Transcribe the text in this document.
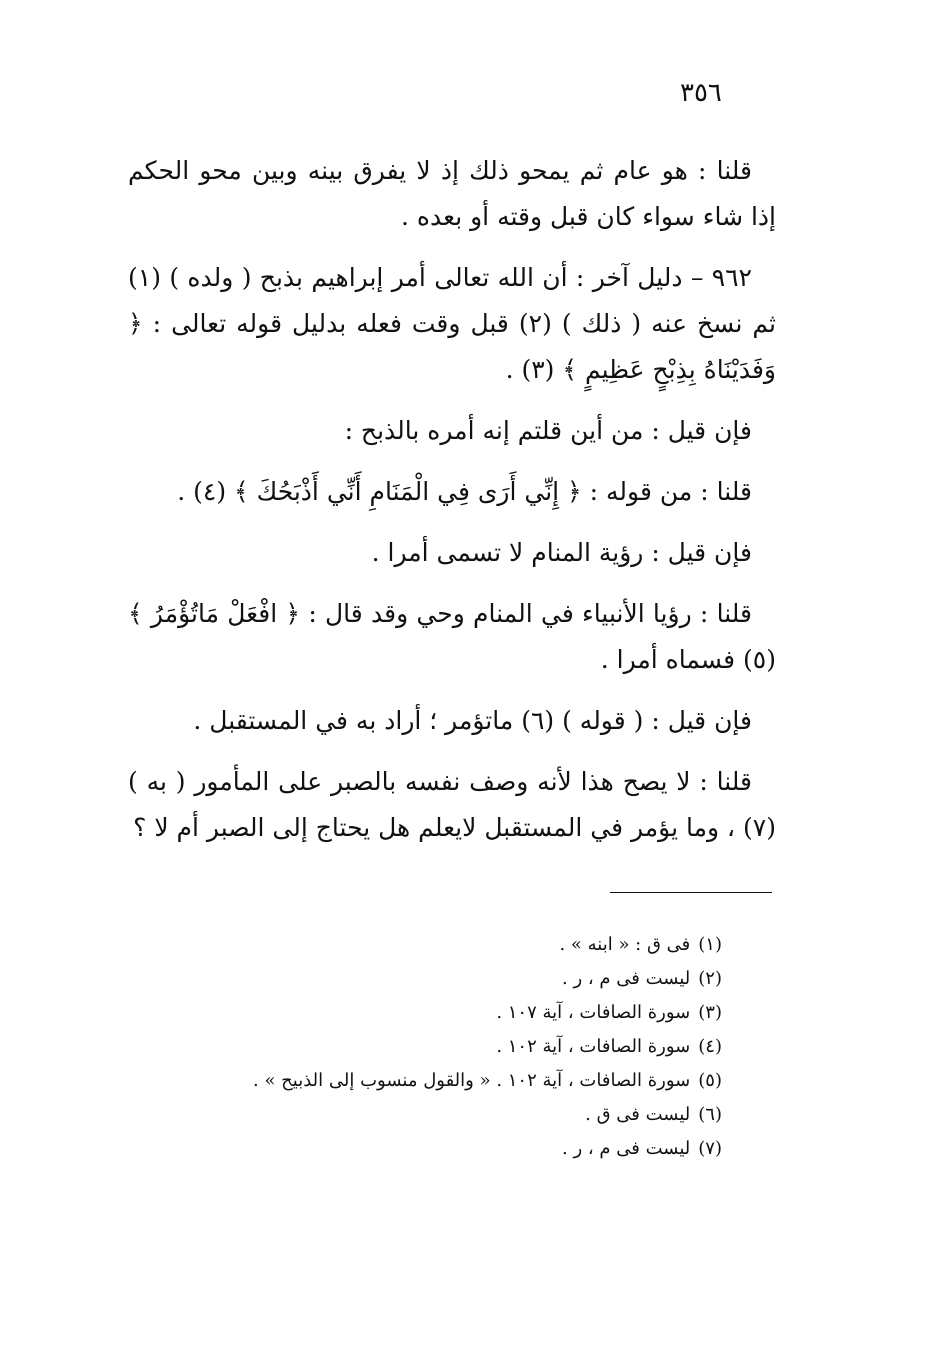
٣٥٦

قلنا : هو عام ثم يمحو ذلك إذ لا يفرق بينه وبين محو الحكم إذا شاء سواء كان قبل وقته أو بعده .

٩٦٢ – دليل آخر : أن الله تعالى أمر إبراهيم بذبح ( ولده ) (١) ثم نسخ عنه ( ذلك ) (٢) قبل وقت فعله بدليل قوله تعالى : ﴿ وَفَدَيْنَاهُ بِذِبْحٍ عَظِيمٍ ﴾ (٣) .

فإن قيل : من أين قلتم إنه أمره بالذبح :

قلنا : من قوله : ﴿ إِنِّي أَرَى فِي الْمَنَامِ أَنِّي أَذْبَحُكَ ﴾ (٤) .

فإن قيل : رؤية المنام لا تسمى أمرا .

قلنا : رؤيا الأنبياء في المنام وحي وقد قال : ﴿ افْعَلْ مَاتُؤْمَرُ ﴾ (٥) فسماه أمرا .

فإن قيل : ( قوله ) (٦) ماتؤمر ؛ أراد به في المستقبل .

قلنا : لا يصح هذا لأنه وصف نفسه بالصبر على المأمور ( به ) (٧) ، وما يؤمر في المستقبل لايعلم هل يحتاج إلى الصبر أم لا ؟

(١)فى ق : « ابنه » .
(٢)ليست فى م ، ر .
(٣)سورة الصافات ، آية ١٠٧ .
(٤)سورة الصافات ، آية ١٠٢ .
(٥)سورة الصافات ، آية ١٠٢ . « والقول منسوب إلى الذبيح » .
(٦)ليست فى ق .
(٧)ليست فى م ، ر .
